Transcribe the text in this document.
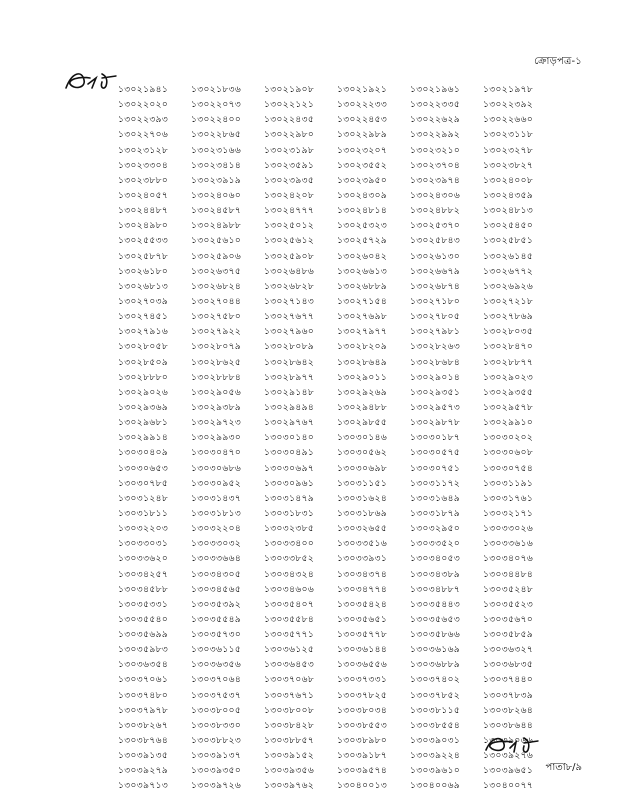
ক্রোড়পত্র-১
১৩০২১৯৪১	১৩০২১৮৩৬	১৩০২১৯০৮	১৩০২১৯২১	১৩০২১৯৬১	১৩০২১৯৭৮
১৩০২২০২০	১৩০২২০৭৩	১৩০২২১২১	১৩০২২২৩৩	১৩০২২৩৩৫	১৩০২২৩৯২
১৩০২২৩৯৩	১৩০২২৪০০	১৩০২২৪৩৫	১৩০২২৪৫৩	১৩০২২৬২৯	১৩০২২৬৬০
১৩০২২৭০৬	১৩০২২৮৬৫	১৩০২২৯৮০	১৩০২২৯৮৯	১৩০২২৯৯২	১৩০২৩১১৮
১৩০২৩১২৮	১৩০২৩১৬৬	১৩০২৩১৯৮	১৩০২৩২০৭	১৩০২৩২১০	১৩০২৩২৭৮
১৩০২৩৩০৪	১৩০২৩৪১৪	১৩০২৩৫৯১	১৩০২৩৫৫২	১৩০২৩৭০৪	১৩০২৩৮২৭
১৩০২৩৮৮০	১৩০২৩৯১৯	১৩০২৩৯৩৫	১৩০২৩৯৫০	১৩০২৩৯৭৪	১৩০২৪০০৮
১৩০২৪০৫৭	১৩০২৪০৬০	১৩০২৪২০৮	১৩০২৪৩০৯	১৩০২৪৩০৬	১৩০২৪৩৫৯
১৩০২৪৪৮৭	১৩০২৪৫৮৭	১৩০২৪৭৭৭	১৩০২৪৮১৪	১৩০২৪৮৮২	১৩০২৪৮১৩
১৩০২৪৯৮০	১৩০২৪৯৮৮	১৩০২৫০১২	১৩০২৫৩২৩	১৩০২৫৩৭০	১৩০২৫৪৫০
১৩০২৫৫৩৩	১৩০২৫৬১০	১৩০২৫৬১২	১৩০২৫৭২৯	১৩০২৫৮৪৩	১৩০২৫৮৫১
১৩০২৫৮৭৮	১৩০২৫৯০৬	১৩০২৫৯০৮	১৩০২৬০৪২	১৩০২৬১৩০	১৩০২৬১৪৫
১৩০২৬১৮০	১৩০২৬৩৭৫	১৩০২৬৪৮৬	১৩০২৬৬১৩	১৩০২৬৬৭৯	১৩০২৬৭৭২
১৩০২৬৮১৩	১৩০২৬৮২৪	১৩০২৬৮২৮	১৩০২৬৮৮৯	১৩০২৬৮৭৪	১৩০২৬৯২৬
১৩০২৭০৩৯	১৩০২৭০৪৪	১৩০২৭১৪৩	১৩০২৭১৫৪	১৩০২৭১৮০	১৩০২৭২১৮
১৩০২৭৪৫১	১৩০২৭৫৮০	১৩০২৭৬৭৭	১৩০২৭৬৯৮	১৩০২৭৮০৫	১৩০২৭৮৬৯
১৩০২৭৯১৬	১৩০২৭৯২২	১৩০২৭৯৬০	১৩০২৭৯৭৭	১৩০২৭৯৮১	১৩০২৮০৩৫
১৩০২৮০৫৮	১৩০২৮০৭৯	১৩০২৮০৮৯	১৩০২৮২০৯	১৩০২৮২৬৩	১৩০২৮৪৭০
১৩০২৮৫০৯	১৩০২৮৬২৫	১৩০২৮৬৪২	১৩০২৮৬৪৯	১৩০২৮৬৮৪	১৩০২৮৮৭৭
১৩০২৮৮৮০	১৩০২৮৮৮৪	১৩০২৮৯৭৭	১৩০২৯০১১	১৩০২৯০১৪	১৩০২৯০২৩
১৩০২৯০২৬	১৩০২৯০৫৬	১৩০২৯১৪৮	১৩০২৯২৬৯	১৩০২৯৩৫১	১৩০২৯৩৫৫
১৩০২৯৩৬৯	১৩০২৯৩৮৯	১৩০২৯৪৯৪	১৩০২৯৪৮৮	১৩০২৯৫৭৩	১৩০২৯৫৭৮
১৩০২৯৬৮১	১৩০২৯৭২৩	১৩০২৯৭৬৭	১৩০২৯৮৫৫	১৩০২৯৮৭৮	১৩০২৯৯১০
১৩০২৯৯১৪	১৩০২৯৯৩০	১৩০৩০১৪০	১৩০৩০১৪৬	১৩০৩০১৮৭	১৩০৩০২০২
১৩০৩০৪০৯	১৩০৩০৪৭০	১৩০৩০৪৯১	১৩০৩০৫৬২	১৩০৩০৫৭৫	১৩০৩০৬০৮
১৩০৩০৬৫৩	১৩০৩০৬৮৬	১৩০৩০৬৯৭	১৩০৩০৬৯৮	১৩০৩০৭৫১	১৩০৩০৭৫৪
১৩০৩০৭৮৫	১৩০৩০৯৫২	১৩০৩০৯৬১	১৩০৩১১৫১	১৩০৩১১৭২	১৩০৩১১৯১
১৩০৩১২৪৮	১৩০৩১৪৩৭	১৩০৩১৪৭৯	১৩০৩১৬২৪	১৩০৩১৬৪৯	১৩০৩১৭৬১
১৩০৩১৮১১	১৩০৩১৮১৩	১৩০৩১৮৩১	১৩০৩১৮৬৯	১৩০৩১৮৭৯	১৩০৩২১৭১
১৩০৩২২০৩	১৩০৩২২০৪	১৩০৩২৩৮৫	১৩০৩২৬৫৫	১৩০৩২৯৫০	১৩০৩৩০২৬
১৩০৩৩০৩১	১৩০৩৩০৩২	১৩০৩৩৪০০	১৩০৩৩৫১৬	১৩০৩৩৫২০	১৩০৩৩৬১৬
১৩০৩৩৬২০	১৩০৩৩৬৬৪	১৩০৩৩৮৫২	১৩০৩৩৯৩১	১৩০৩৪০৫৩	১৩০৩৪০৭৬
১৩০৩৪২৫৭	১৩০৩৪৩০৫	১৩০৩৪৩২৪	১৩০৩৪৩৭৪	১৩০৩৪৩৮৯	১৩০৩৪৪৮৪
১৩০৩৪৫৮৮	১৩০৩৪৫৬৫	১৩০৩৪৬০৬	১৩০৩৪৭৭৪	১৩০৩৪৮৮৭	১৩০৩৫২৪৮
১৩০৩৫৩৩১	১৩০৩৫৩৯২	১৩০৩৫৪০৭	১৩০৩৫৪২৪	১৩০৩৫৪৪৩	১৩০৩৫৫২৩
১৩০৩৫৫৪০	১৩০৩৫৫৪৯	১৩০৩৫৫৮৪	১৩০৩৫৬৫১	১৩০৩৫৬৫৩	১৩০৩৫৬৭০
১৩০৩৫৬৯৯	১৩০৩৫৭৩০	১৩০৩৫৭৭১	১৩০৩৫৭৭৮	১৩০৩৫৮৬৬	১৩০৩৫৮৫৯
১৩০৩৫৯৮৩	১৩০৩৬১১৫	১৩০৩৬১২৫	১৩০৩৬১৪৪	১৩০৩৬১৬৯	১৩০৩৬৩২৭
১৩০৩৬৩৫৪	১৩০৩৬৩৫৬	১৩০৩৬৪৫৩	১৩০৩৬৫৫৬	১৩০৩৬৮৮৯	১৩০৩৬৮৩৫
১৩০৩৭০৬১	১৩০৩৭০৬৪	১৩০৩৭০৬৮	১৩০৩৭৩৩১	১৩০৩৭৪০২	১৩০৩৭৪৪০
১৩০৩৭৪৮০	১৩০৩৭৫৩৭	১৩০৩৭৬৭১	১৩০৩৭৮২৫	১৩০৩৭৮৫২	১৩০৩৭৮৩৯
১৩০৩৭৯৭৮	১৩০৩৮০০৫	১৩০৩৮০০৮	১৩০৩৮০৩৪	১৩০৩৮১১৫	১৩০৩৮২৬৪
১৩০৩৮২৬৭	১৩০৩৮৩৩০	১৩০৩৮৪২৮	১৩০৩৮৫৫৩	১৩০৩৮৫৫৪	১৩০৩৮৬৪৪
১৩০৩৮৭৬৪	১৩০৩৮৮২৩	১৩০৩৮৮৫৭	১৩০৩৮৯৮০	১৩০৩৯০৩১	১৩০৩৯০৬৬
১৩০৩৯১৩৫	১৩০৩৯১৩৭	১৩০৩৯১৫২	১৩০৩৯১৮৭	১৩০৩৯২২৪	১৩০৩৯২৭৬
১৩০৩৯২৭৯	১৩০৩৯৩৫০	১৩০৩৯৩৫৬	১৩০৩৯৫৭৪	১৩০৩৯৬১০	১৩০৩৯৬৫১
১৩০৩৯৭১৩	১৩০৩৯৭২৬	১৩০৩৯৭৬২	১৩০৪০০১৩	১৩০৪০০৬৯	১৩০৪০০৭৭
পাতা৮/৯
